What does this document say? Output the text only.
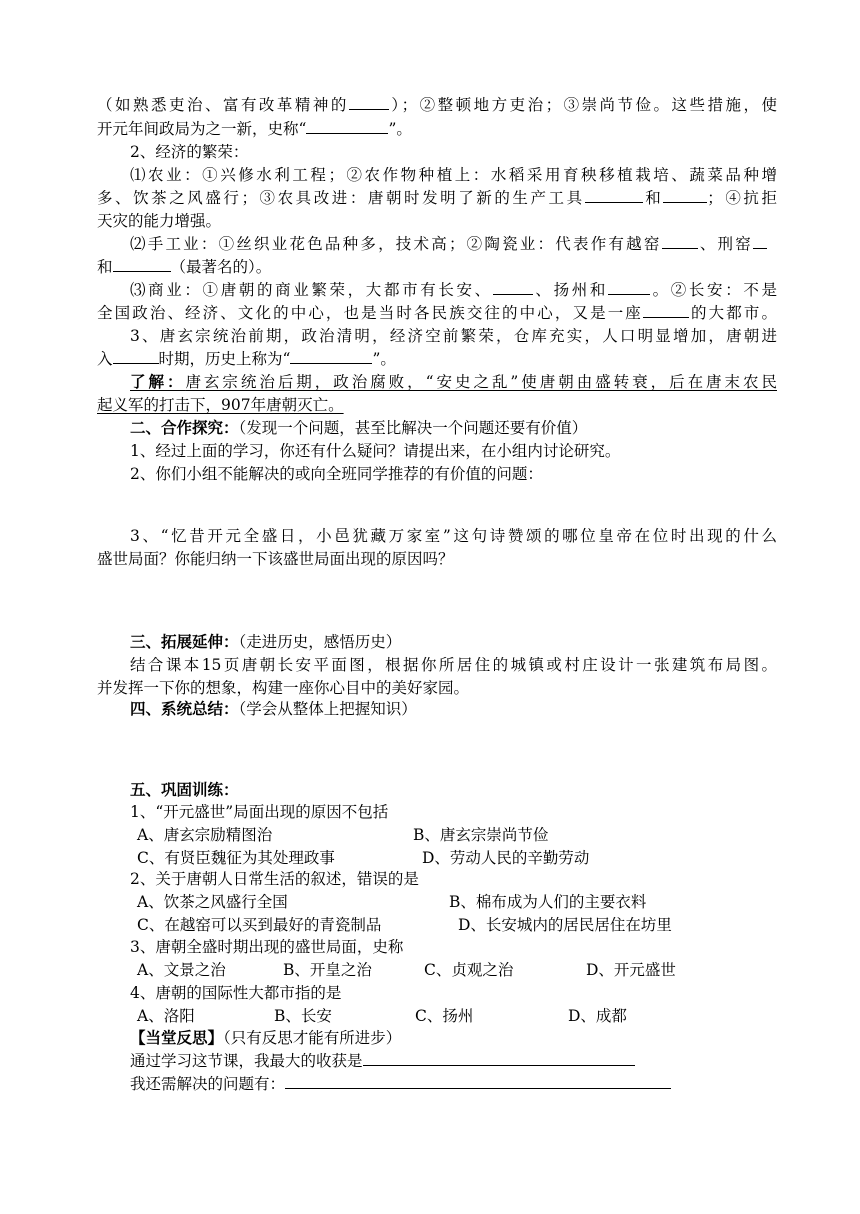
（如熟悉吏治、富有改革精神的	）；②整顿地方吏治；③崇尚节俭。这些措施，使
开元年间政局为之一新，史称“	”。
2、经济的繁荣：
⑴农业：①兴修水利工程；②农作物种植上：水稻采用育秧移植栽培、蔬菜品种增
多、饮茶之风盛行；③农具改进：唐朝时发明了新的生产工具	和	；④抗拒
天灾的能力增强。
⑵手工业：①丝织业花色品种多，技术高；②陶瓷业：代表作有越窑 、刑窑
和	（最著名的）。
⑶商业：①唐朝的商业繁荣，大都市有长安、	、扬州和	。②长安：不是
全国政治、经济、文化的中心，也是当时各民族交往的中心，又是一座	的大都市。
3、唐玄宗统治前期，政治清明，经济空前繁荣，仓库充实，人口明显增加，唐朝进
入	时期，历史上称为“	”。
了解：唐玄宗统治后期，政治腐败，“安史之乱”使唐朝由盛转衰，后在唐末农民
起义军的打击下，907年唐朝灭亡。
二、合作探究：（发现一个问题，甚至比解决一个问题还要有价值）
1、经过上面的学习，你还有什么疑问？请提出来，在小组内讨论研究。
2、你们小组不能解决的或向全班同学推荐的有价值的问题：
3、“忆昔开元全盛日，小邑犹藏万家室”这句诗赞颂的哪位皇帝在位时出现的什么
盛世局面？你能归纳一下该盛世局面出现的原因吗？
三、拓展延伸：（走进历史，感悟历史）
结合课本15页唐朝长安平面图，根据你所居住的城镇或村庄设计一张建筑布局图。
并发挥一下你的想象，构建一座你心目中的美好家园。
四、系统总结：（学会从整体上把握知识）
五、巩固训练：
1、“开元盛世”局面出现的原因不包括
A、唐玄宗励精图治	B、唐玄宗崇尚节俭
C、有贤臣魏征为其处理政事	D、劳动人民的辛勤劳动
2、关于唐朝人日常生活的叙述，错误的是
A、饮茶之风盛行全国	B、棉布成为人们的主要衣料
C、在越窑可以买到最好的青瓷制品	D、长安城内的居民居住在坊里
3、唐朝全盛时期出现的盛世局面，史称
A、文景之治	B、开皇之治	C、贞观之治	D、开元盛世
4、唐朝的国际性大都市指的是
A、洛阳	B、长安	C、扬州	D、成都
【当堂反思】（只有反思才能有所进步）
通过学习这节课，我最大的收获是
我还需解决的问题有：
